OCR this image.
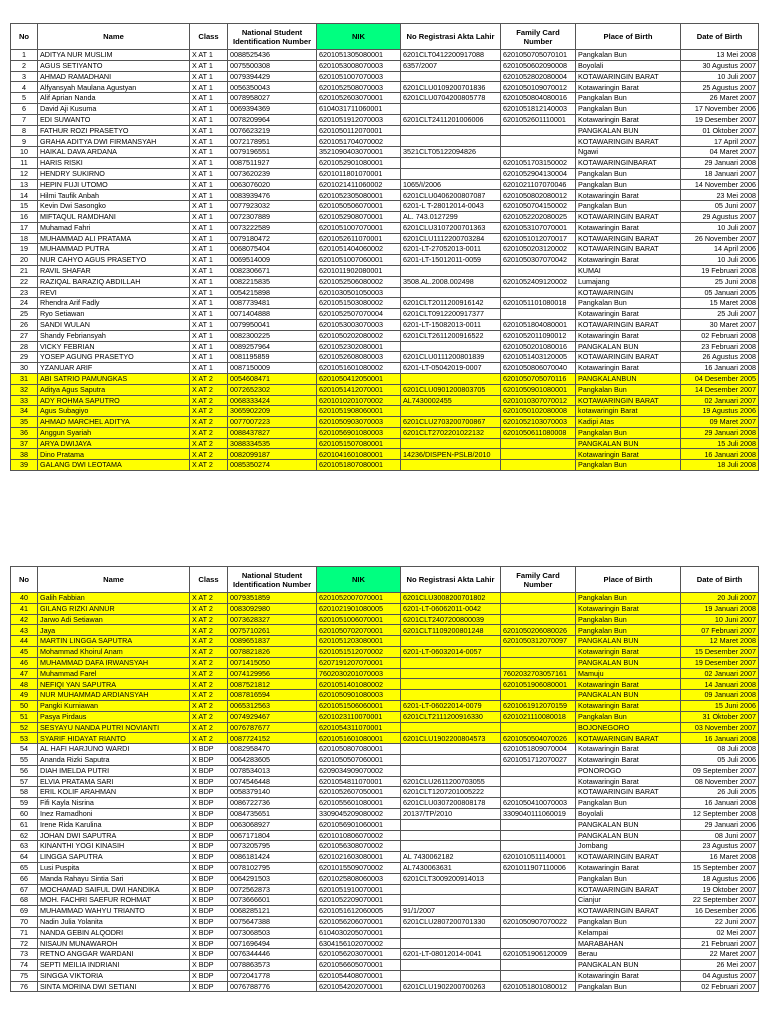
No	Name	Class	National Student Identification Number	NIK	No Registrasi Akta Lahir	Family Card Number	Place of Birth	Date of Birth
1	ADITYA NUR MUSLIM	X AT 1	0088525436	6201051305080001	6201CLT0412200917088	6201050705070101	Pangkalan Bun	13 Mei 2008
2	AGUS SETIYANTO	X AT 1	0075500308	6201053008070003	6357/2007	6201050602090008	Boyolali	30 Agustus 2007
3	AHMAD RAMADHANI	X AT 1	0079394429	6201051007070003		6201052802080004	KOTAWARINGIN BARAT	10 Juli 2007
4	Alfyansyah Maulana Agustyan	X AT 1	0056350043	6201052508070003	6201CLU0109200701836	6201050109070012	Kotawaringin Barat	25 Agustus 2007
5	Alif Aprian Nanda	X AT 1	0078958027	6201052603070001	6201CLU0704200805778	6201050804080016	Pangkalan Bun	26 Maret 2007
6	David Aji Kusuma	X AT 1	0069394369	6104031711060001		6201051812140003	Pangkalan Bun	17 November 2006
7	EDI SUWANTO	X AT 1	0078209964	6201051912070003	6201CLT2411201006006	6201052601110001	Kotawaringin Barat	19 Desember 2007
8	FATHUR ROZI PRASETYO	X AT 1	0076623219	6201050112070001			PANGKALAN BUN	01 Oktober 2007
9	GRAHA ADITYA DWI FIRMANSYAH	X AT 1	0072178951	6201051704070002			KOTAWARINGIN BARAT	17 April 2007
10	HAIKAL DAVA ARDANA	X AT 1	0079196551	3521090403070001	3521CLT05122094826		Ngawi	04 Maret 2007
11	HARIS RISKI	X AT 1	0087511927	6201052901080001		6201051703150002	KOTAWARINGINBARAT	29 Januari 2008
12	HENDRY SUKIRNO	X AT 1	0073620239	6201011801070001		6201052904130004	Pangkalan Bun	18 Januari 2007
13	HEPIN FUJI UTOMO	X AT 1	0063076020	6201021411060002	1065/I/2006	6201021107070046	Pangkalan Bun	14 November 2006
14	Hilmi Taufik Anbah	X AT 1	0083939476	6201052305080001	6201CLU0406200807087	6201050802080012	Kotawaringin Barat	23 Mei 2008
15	Kevin Dwi Sasongko	X AT 1	0077923032	6201050506070001	6201-L T-28012014-0043	6201050704150002	Pangkalan Bun	05 Juni 2007
16	MIFTAQUL RAMDHANI	X AT 1	0072307889	6201052908070001	AL. 743.0127299	6201052202080025	KOTAWARINGIN BARAT	29 Agustus 2007
17	Muhamad Fahri	X AT 1	0073222589	6201051007070001	6201CLU3107200701363	6201053107070001	Kotawaringin Barat	10 Juli 2007
18	MUHAMMAD ALI PRATAMA	X AT 1	0079180472	6201052611070001	6201CLU1112200703284	6201051012070017	KOTAWARINGIN BARAT	26 November 2007
19	MUHAMMAD PUTRA	X AT 1	0068075404	6201051404060002	6201-LT-27052013-0011	6201050203120002	KOTAWARINGIN BARAT	14 April 2006
20	NUR CAHYO AGUS PRASETYO	X AT 1	0069514009	6201051007060001	6201-LT-15012011-0059	6201050307070042	Kotawaringin Barat	10 Juli 2006
21	RAVIL SHAFAR	X AT 1	0082306671	6201011902080001			KUMAI	19 Februari 2008
22	RAZIQAL BARAZIQ ABDILLAH	X AT 1	0082215835	6201052506080002	3508.AL.2008.002498	6201052409120002	Lumajang	25 Juni 2008
23	REVI	X AT 1	0054215898	6201030501050003			KOTAWARINGIN	05 Januari 2005
24	Rhendra Arif Fadly	X AT 1	0087739481	6201051503080002	6201CLT2011200916142	6201051101080018	Pangkalan Bun	15 Maret 2008
25	Ryo Setiawan	X AT 1	0071404888	6201052507070004	6201CLT0912200917377		Kotawaringin Barat	25 Juli 2007
26	SANDI WULAN	X AT 1	0079950041	6201053003070003	6201-LT-15082013-0011	6201051804080001	KOTAWARINGIN BARAT	30 Maret 2007
27	Shandy Febriansyah	X AT 1	0082300225	6201050202080002	6201CLT2611200916522	6201052011090012	Kotawaringin Barat	02 Februari 2008
28	VICKY FEBRIAN	X AT 1	0089257964	6201052302080001		6201050201080016	PANGKALAN BUN	23 Februari 2008
29	YOSEP AGUNG PRASETYO	X AT 1	0081195859	6201052608080003	6201CLU0111200801839	6201051403120005	KOTAWARINGIN BARAT	26 Agustus 2008
30	YZANUAR ARIF	X AT 1	0087150009	6201051601080002	6201-LT-05042019-0007	6201050806070040	Kotawaringin Barat	16 Januari 2008
31	ABI SATRIO PAMUNGKAS	X AT 2	0054608471	6201050412050001		6201050705070116	PANGKALANBUN	04 Desember 2005
32	Aditya Agus Saputra	X AT 2	0072652302	6201051412070001	6201CLU0901200803705	6201050901080001	Pangkalan Bun	14 Desember 2007
33	ADY ROHMA SAPUTRO	X AT 2	0068333424	6201010201070002	AL7430002455	6201010307070012	KOTAWARINGIN BARAT	02 Januari 2007
34	Agus Subagiyo	X AT 2	3065902209	6201051908060001		6201050102080008	kotawaringin Barat	19 Agustus 2006
35	AHMAD MARCHEL ADITYA	X AT 2	0077007223	6201050903070003	6201CLU2703200700867	6201052103070003	Kadipi Atas	09 Maret 2007
36	Anggun Syariah	X AT 2	0088437827	6201056901080003	6201CLT2702201022132	6201050611080008	Pangkalan Bun	29 Januari 2008
37	ARYA DWIJAYA	X AT 2	3088334535	6201051507080001			PANGKALAN BUN	15 Juli 2008
38	Dino Pratama	X AT 2	0082099187	6201041601080001	14236/DISPEN-PSLB/2010		Kotawaringin Barat	16 Januari 2008
39	GALANG DWI LEOTAMA	X AT 2	0085350274	6201051807080001			Pangkalan Bun	18 Juli 2008
No	Name	Class	National Student Identification Number	NIK	No Registrasi Akta Lahir	Family Card Number	Place of Birth	Date of Birth
40	Galih Fabbian	X AT 2	0079351859	6201052007070001	6201CLU3008200701802		Pangkalan Bun	20 Juli 2007
41	GILANG RIZKI ANNUR	X AT 2	0083092980	6201021901080005	6201-LT-06062011-0042		Kotawaringin Barat	19 Januari 2008
42	Jarwo Adi Setiawan	X AT 2	0073628327	6201051006070001	6201CLT2407200800039		Pangkalan Bun	10 Juni 2007
43	Jaya	X AT 2	0075710261	6201050702070001	6201CLT1109200801248	6201050206080026	Pangkalan Bun	07 Februari 2007
44	MARTIN LINGGA SAPUTRA	X AT 2	0089651837	6201051203080001		6201050312070097	PANGKALAN BUN	12 Maret 2008
45	Mohammad Khoirul Anam	X AT 2	0078821826	6201051512070002	6201-LT-06032014-0057		Kotawaringin Barat	15 Desember 2007
46	MUHAMMAD DAFA IRWANSYAH	X AT 2	0071415050	6207191207070001			PANGKALAN BUN	19 Desember 2007
47	Muhammad Farel	X AT 2	0074129956	7602030201070003		7602032703057161	Mamuju	02 Januari 2007
48	NEFIQI YAN SAPUTRA	X AT 2	0087521812	6201051401080002		6201051906080001	Kotawaringin Barat	14 Januari 2008
49	NUR MUHAMMAD ARDIANSYAH	X AT 2	0087816594	6201050901080003			PANGKALAN BUN	09 Januari 2008
50	Pangki Kurniawan	X AT 2	0065312563	6201051506060001	6201-LT-06022014-0079	6201061912070159	Kotawaringin Barat	15 Juni 2006
51	Pasya Pirdaus	X AT 2	0074929467	6201023110070001	6201CLT2111200916330	6201021110080018	Pangkalan Bun	31 Oktober 2007
52	SESYAYU NANDA PUTRI NOVIANTI	X AT 2	0076787677	6201054311070001			BOJONEGORO	03 November 2007
53	SYARIF HIDAYAT RIANTO	X AT 2	0087724152	6201051601080001	6201CLU1902200804573	6201050504070026	KOTAWARINGIN BARAT	16 Januari 2008
54	AL HAFI HARJUNO WARDI	X BDP	0082958470	6201050807080001		6201051809070004	Kotawaringin Barat	08 Juli 2008
55	Ananda Rizki Saputra	X BDP	0064283605	6201050507060001		6201051712070027	Kotawaringin Barat	05 Juli 2006
56	DIAH IMELDA PUTRI	X BDP	0078534013	6209034909070002			PONOROGO	09 September 2007
57	ELVIA PRATAMA SARI	X BDP	0074546448	6201054811070001	6201CLU2611200703055		Kotawaringin Barat	08 November 2007
58	ERIL KOLIF ARAHMAN	X BDP	0058379140	6201052607050001	6201CLT1207201005222		KOTAWARINGIN BARAT	26 Juli 2005
59	Fifi Kayla Nisrina	X BDP	0086722736	6201055601080001	6201CLU0307200808178	6201050410070003	Pangkalan Bun	16 Januari 2008
60	Inez Ramadhoni	X BDP	0084735651	3309045209080002	20137/TP/2010	3309040111060019	Boyolali	12 September 2008
61	Irene Rida Karulina	X BDP	0063068927	6201056901060001			PANGKALAN BUN	29 Januari 2006
62	JOHAN DWI SAPUTRA	X BDP	0067171804	6201010806070002			PANGKALAN BUN	08 Juni 2007
63	KINANTHI YOGI KINASIH	X BDP	0073205795	6201056308070002			Jombang	23 Agustus 2007
64	LINGGA SAPUTRA	X BDP	0086181424	6201021603080001	AL 7430062182	6201010511140001	KOTAWARINGIN BARAT	16 Maret 2008
65	Lusi Puspita	X BDP	0078102795	6201015509070002	AL7430063631	6201011907110006	Kotawaringin Barat	15 September 2007
66	Manda Rahayu Sintia Sari	X BDP	0064291503	6201025808060003	6201CLT3009200914013		Pangkalan Bun	18 Agustus 2006
67	MOCHAMAD SAIFUL DWI HANDIKA	X BDP	0072562873	6201051910070001			KOTAWARINGIN BARAT	19 Oktober 2007
68	MOH. FACHRI SAEFUR ROHMAT	X BDP	0073666601	6201052209070001			Cianjur	22 September 2007
69	MUHAMMAD WAHYU TRIANTO	X BDP	0068285121	6201051612060005	91/1/2007		KOTAWARINGIN BARAT	16 Desember 2006
70	Nadin Julia Yolanita	X BDP	0075647388	6201056206070001	6201CLU2807200701330	6201050907070022	Pangkalan Bun	22 Juni 2007
71	NANDA GEBIN ALQODRI	X BDP	0073068503	6104030205070001			Kelampai	02 Mei 2007
72	NISAUN MUNAWAROH	X BDP	0071696494	6304156102070002			MARABAHAN	21 Februari 2007
73	RETNO ANGGAR WARDANI	X BDP	0076344446	6201056203070001	6201-LT-08012014-0041	6201051906120009	Berau	22 Maret 2007
74	SEPTI MEILIA INDRIANI	X BDP	0078863573	6201056605070001			PANGKALAN BUN	26 Mei 2007
75	SINGGA VIKTORIA	X BDP	0072041778	6201054408070001			Kotawaringin Barat	04 Agustus 2007
76	SINTA MORINA DWI SETIANI	X BDP	0076788776	6201054202070001	6201CLU1902200700263	6201051801080012	Pangkalan Bun	02 Februari 2007
